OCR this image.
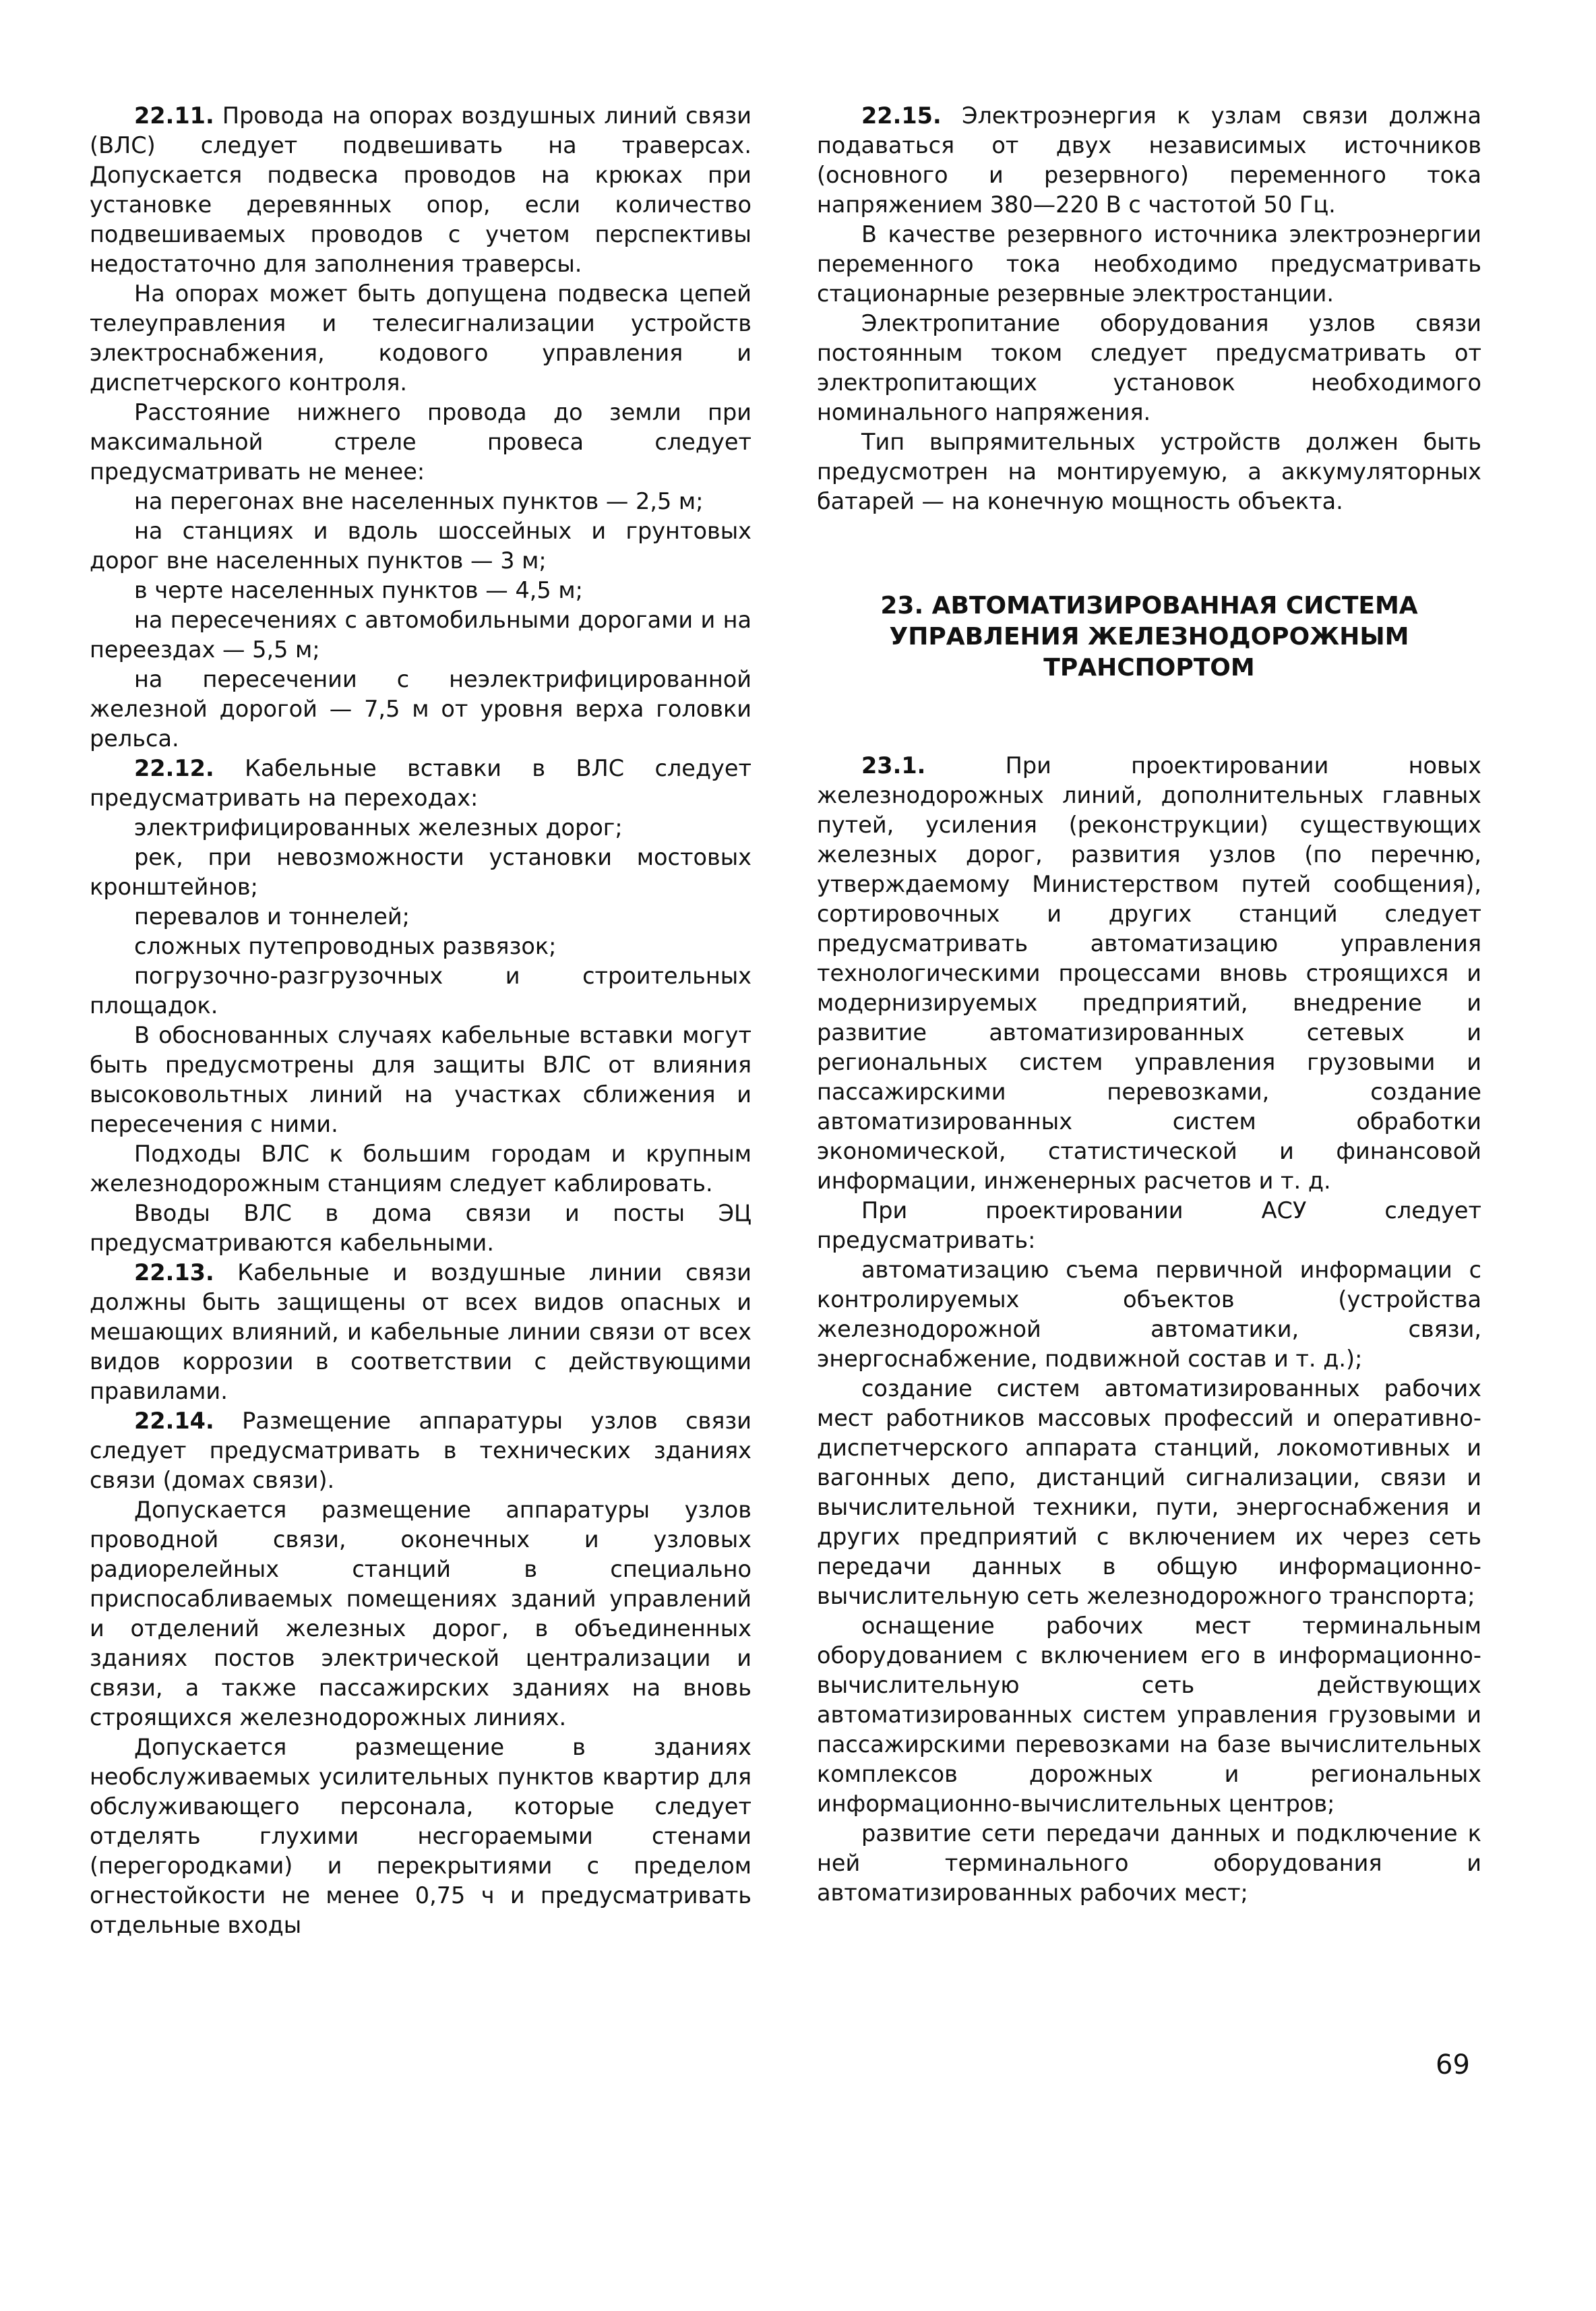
22.11. Провода на опорах воздушных линий связи (ВЛС) следует подвешивать на траверсах. Допускается подвеска проводов на крюках при установке деревянных опор, если количество подвешиваемых проводов с учетом перспективы недостаточно для заполнения траверсы.

На опорах может быть допущена подвеска цепей телеуправления и телесигнализации устройств электроснабжения, кодового управления и диспетчерского контроля.

Расстояние нижнего провода до земли при максимальной стреле провеса следует предусматривать не менее:

на перегонах вне населенных пунктов — 2,5 м;

на станциях и вдоль шоссейных и грунтовых дорог вне населенных пунктов — 3 м;

в черте населенных пунктов — 4,5 м;

на пересечениях с автомобильными дорогами и на переездах — 5,5 м;

на пересечении с неэлектрифицированной железной дорогой — 7,5 м от уровня верха головки рельса.

22.12. Кабельные вставки в ВЛС следует предусматривать на переходах:

электрифицированных железных дорог;

рек, при невозможности установки мостовых кронштейнов;

перевалов и тоннелей;

сложных путепроводных развязок;

погрузочно-разгрузочных и строительных площадок.

В обоснованных случаях кабельные вставки могут быть предусмотрены для защиты ВЛС от влияния высоковольтных линий на участках сближения и пересечения с ними.

Подходы ВЛС к большим городам и крупным железнодорожным станциям следует каблировать.

Вводы ВЛС в дома связи и посты ЭЦ предусматриваются кабельными.

22.13. Кабельные и воздушные линии связи должны быть защищены от всех видов опасных и мешающих влияний, и кабельные линии связи от всех видов коррозии в соответствии с действующими правилами.

22.14. Размещение аппаратуры узлов связи следует предусматривать в технических зданиях связи (домах связи).

Допускается размещение аппаратуры узлов проводной связи, оконечных и узловых радиорелейных станций в специально приспосабливаемых помещениях зданий управлений и отделений железных дорог, в объединенных зданиях постов электрической централизации и связи, а также пассажирских зданиях на вновь строящихся железнодорожных линиях.

Допускается размещение в зданиях необслуживаемых усилительных пунктов квартир для обслуживающего персонала, которые следует отделять глухими несгораемыми стенами (перегородками) и перекрытиями с пределом огнестойкости не менее 0,75 ч и предусматривать отдельные входы

22.15. Электроэнергия к узлам связи должна подаваться от двух независимых источников (основного и резервного) переменного тока напряжением 380—220 В с частотой 50 Гц.

В качестве резервного источника электроэнергии переменного тока необходимо предусматривать стационарные резервные электростанции.

Электропитание оборудования узлов связи постоянным током следует предусматривать от электропитающих установок необходимого номинального напряжения.

Тип выпрямительных устройств должен быть предусмотрен на монтируемую, а аккумуляторных батарей — на конечную мощность объекта.

23. АВТОМАТИЗИРОВАННАЯ СИСТЕМА УПРАВЛЕНИЯ ЖЕЛЕЗНОДОРОЖНЫМ ТРАНСПОРТОМ

23.1.	При проектировании новых железнодорожных линий, дополнительных главных путей, усиления (реконструкции) существующих железных дорог, развития узлов (по перечню, утверждаемому Министерством путей сообщения), сортировочных и других станций следует предусматривать автоматизацию управления технологическими процессами вновь строящихся и модернизируемых предприятий, внедрение и развитие автоматизированных сетевых и региональных систем управления грузовыми и пассажирскими перевозками, создание автоматизированных систем обработки экономической, статистической и финансовой информации, инженерных расчетов и т. д.

При проектировании АСУ следует предусматривать:

автоматизацию съема первичной информации с контролируемых объектов (устройства железнодорожной автоматики, связи, энергоснабжение, подвижной состав и т. д.);

создание систем автоматизированных рабочих мест работников массовых профессий и оперативно-диспетчерского аппарата станций, локомотивных и вагонных депо, дистанций сигнализации, связи и вычислительной техники, пути, энергоснабжения и других предприятий с включением их через сеть передачи данных в общую информационно-вычислительную сеть железнодорожного транспорта;

оснащение рабочих мест терминальным оборудованием с включением его в информационно-вычислительную сеть действующих автоматизированных систем управления грузовыми и пассажирскими перевозками на базе вычислительных комплексов дорожных и региональных информационно-вычислительных центров;

развитие сети передачи данных и подключение к ней терминального оборудования и автоматизированных рабочих мест;

69
